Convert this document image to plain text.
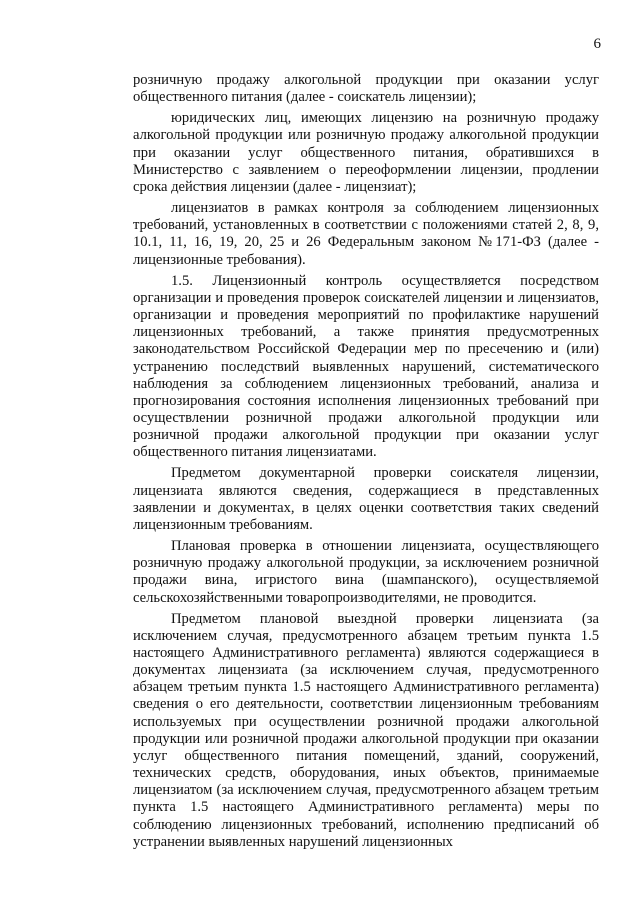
6

розничную продажу алкогольной продукции при оказании услуг общественного питания (далее - соискатель лицензии);

юридических лиц, имеющих лицензию на розничную продажу алкогольной продукции или розничную продажу алкогольной продукции при оказании услуг общественного питания, обратившихся в Министерство с заявлением о переоформлении лицензии, продлении срока действия лицензии (далее - лицензиат);

лицензиатов в рамках контроля за соблюдением лицензионных требований, установленных в соответствии с положениями статей 2, 8, 9, 10.1, 11, 16, 19, 20, 25 и 26 Федеральным законом №171-ФЗ (далее - лицензионные требования).

1.5. Лицензионный контроль осуществляется посредством организации и проведения проверок соискателей лицензии и лицензиатов, организации и проведения мероприятий по профилактике нарушений лицензионных требований, а также принятия предусмотренных законодательством Российской Федерации мер по пресечению и (или) устранению последствий выявленных нарушений, систематического наблюдения за соблюдением лицензионных требований, анализа и прогнозирования состояния исполнения лицензионных требований при осуществлении розничной продажи алкогольной продукции или розничной продажи алкогольной продукции при оказании услуг общественного питания лицензиатами.

Предметом документарной проверки соискателя лицензии, лицензиата являются сведения, содержащиеся в представленных заявлении и документах, в целях оценки соответствия таких сведений лицензионным требованиям.

Плановая проверка в отношении лицензиата, осуществляющего розничную продажу алкогольной продукции, за исключением розничной продажи вина, игристого вина (шампанского), осуществляемой сельскохозяйственными товаропроизводителями, не проводится.

Предметом плановой выездной проверки лицензиата (за исключением случая, предусмотренного абзацем третьим пункта 1.5 настоящего Административного регламента) являются содержащиеся в документах лицензиата (за исключением случая, предусмотренного абзацем третьим пункта 1.5 настоящего Административного регламента) сведения о его деятельности, соответствии лицензионным требованиям используемых при осуществлении розничной продажи алкогольной продукции или розничной продажи алкогольной продукции при оказании услуг общественного питания помещений, зданий, сооружений, технических средств, оборудования, иных объектов, принимаемые лицензиатом (за исключением случая, предусмотренного абзацем третьим пункта 1.5 настоящего Административного регламента) меры по соблюдению лицензионных требований, исполнению предписаний об устранении выявленных нарушений лицензионных
